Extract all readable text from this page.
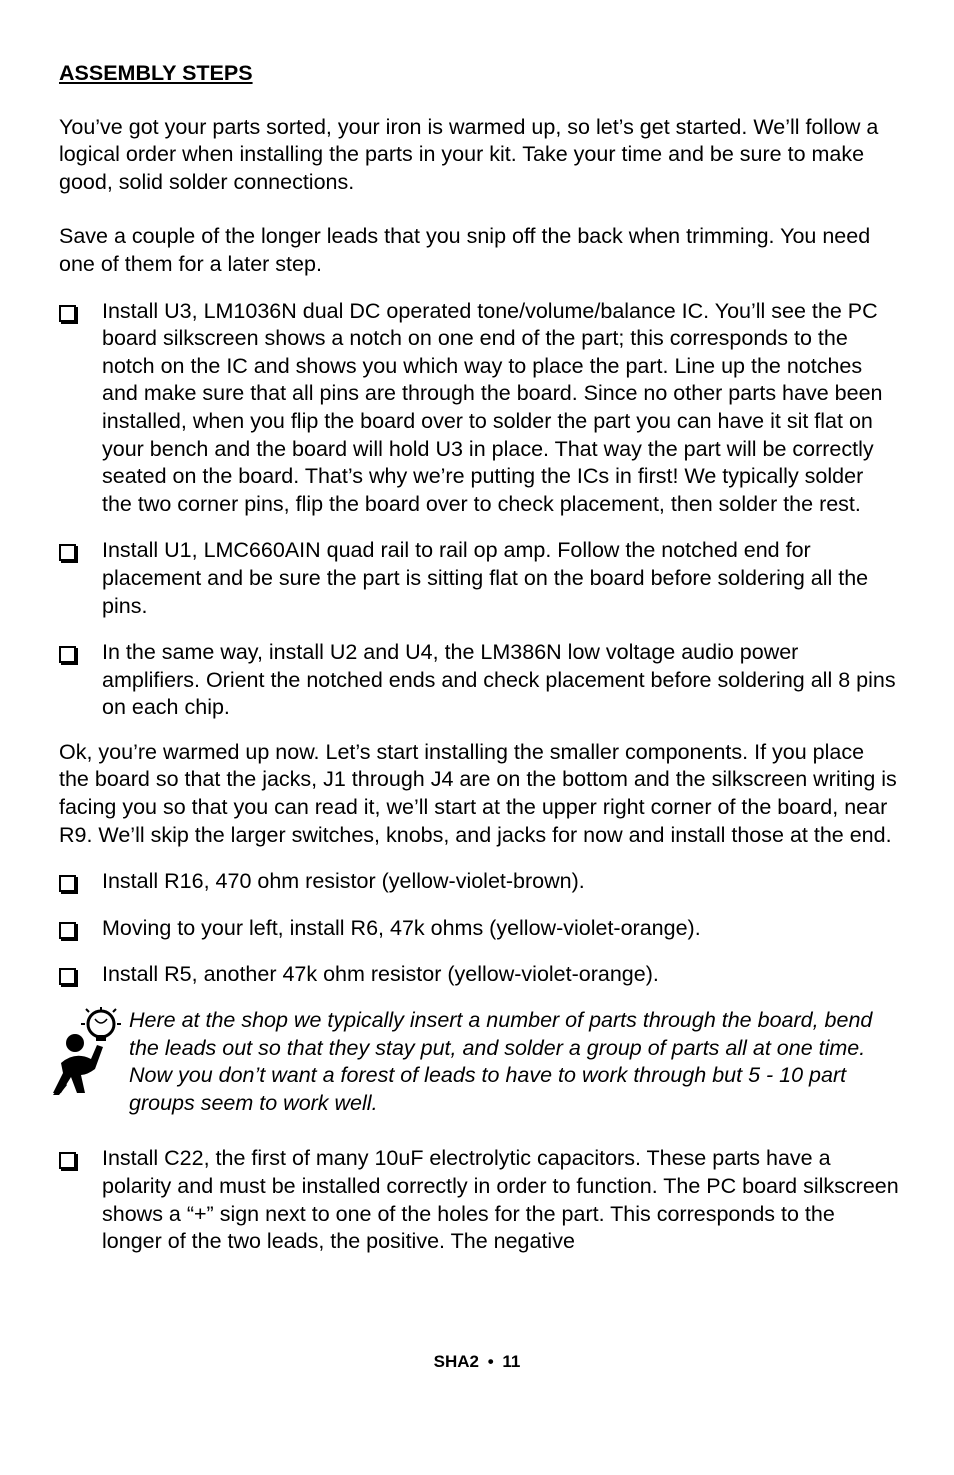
ASSEMBLY STEPS

You’ve got your parts sorted, your iron is warmed up, so let’s get started. We’ll follow a logical order when installing the parts in your kit. Take your time and be sure to make good, solid solder connections.

Save a couple of the longer leads that you snip off the back when trimming. You need one of them for a later step.

Install U3, LM1036N dual DC operated tone/volume/balance IC. You’ll see the PC board silkscreen shows a notch on one end of the part; this corresponds to the notch on the IC and shows you which way to place the part. Line up the notches and make sure that all pins are through the board. Since no other parts have been installed, when you flip the board over to solder the part you can have it sit flat on your bench and the board will hold U3 in place. That way the part will be correctly seated on the board. That’s why we’re putting the ICs in first! We typically solder the two corner pins, flip the board over to check placement, then solder the rest.
Install U1, LMC660AIN quad rail to rail op amp. Follow the notched end for placement and be sure the part is sitting flat on the board before soldering all the pins.
In the same way, install U2 and U4, the LM386N low voltage audio power amplifiers. Orient the notched ends and check placement before soldering all 8 pins on each chip.

Ok, you’re warmed up now. Let’s start installing the smaller components. If you place the board so that the jacks, J1 through J4 are on the bottom and the silkscreen writing is facing you so that you can read it, we’ll start at the upper right corner of the board, near R9. We’ll skip the larger switches, knobs, and jacks for now and install those at the end.

Install R16, 470 ohm resistor (yellow-violet-brown).
Moving to your left, install R6, 47k ohms (yellow-violet-orange).
Install R5, another 47k ohm resistor (yellow-violet-orange).
Here at the shop we typically insert a number of parts through the board, bend the leads out so that they stay put, and solder a group of parts all at one time. Now you don’t want a forest of leads to have to work through but 5 - 10 part groups seem to work well.
Install C22, the first of many 10uF electrolytic capacitors. These parts have a polarity and must be installed correctly in order to function. The PC board silkscreen shows a “+” sign next to one of the holes for the part. This corresponds to the longer of the two leads, the positive. The negative
SHA2 • 11
